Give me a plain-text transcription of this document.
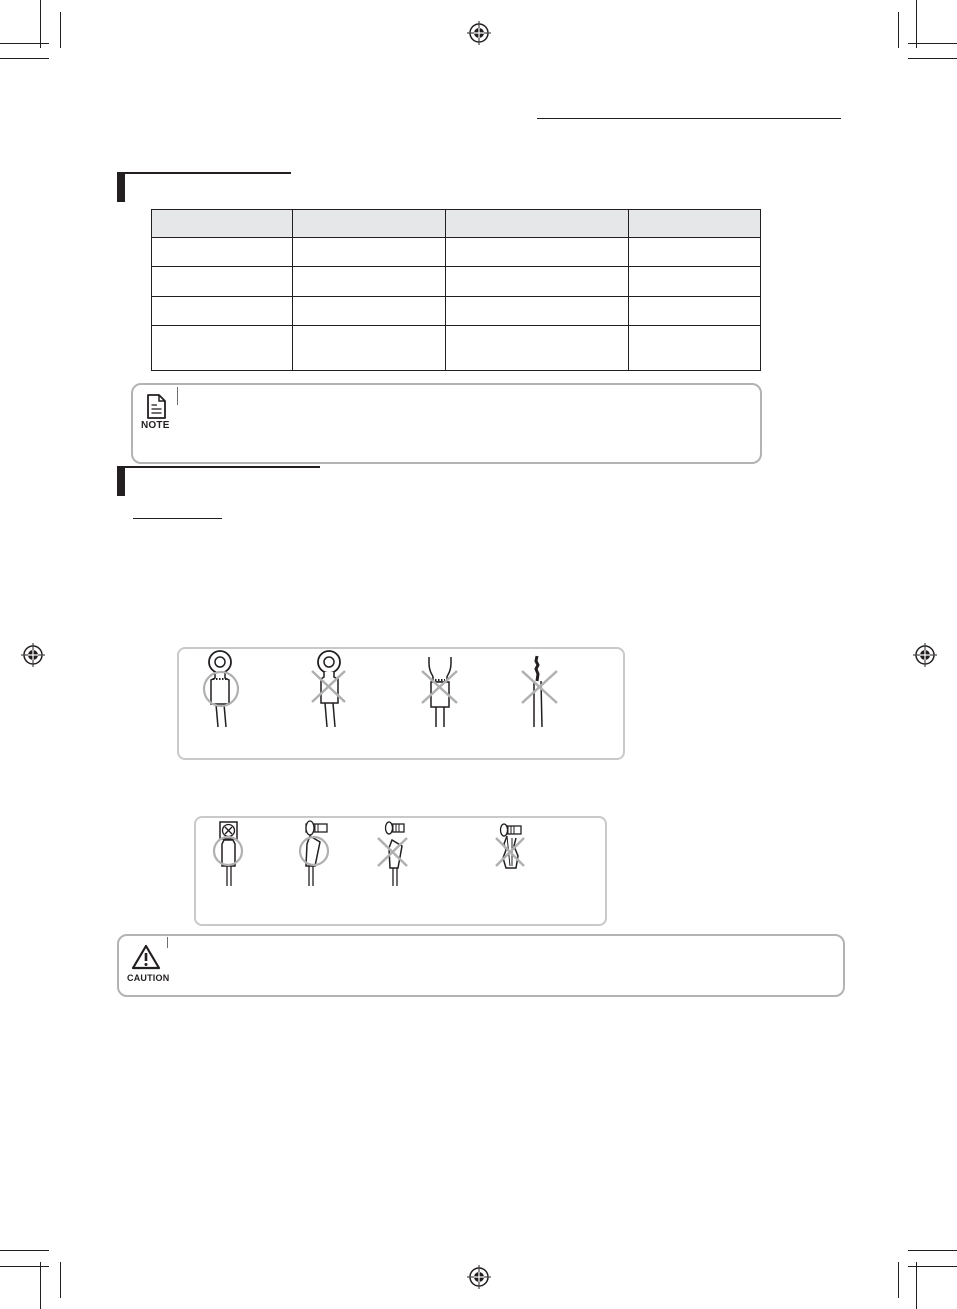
NOTE
CAUTION
